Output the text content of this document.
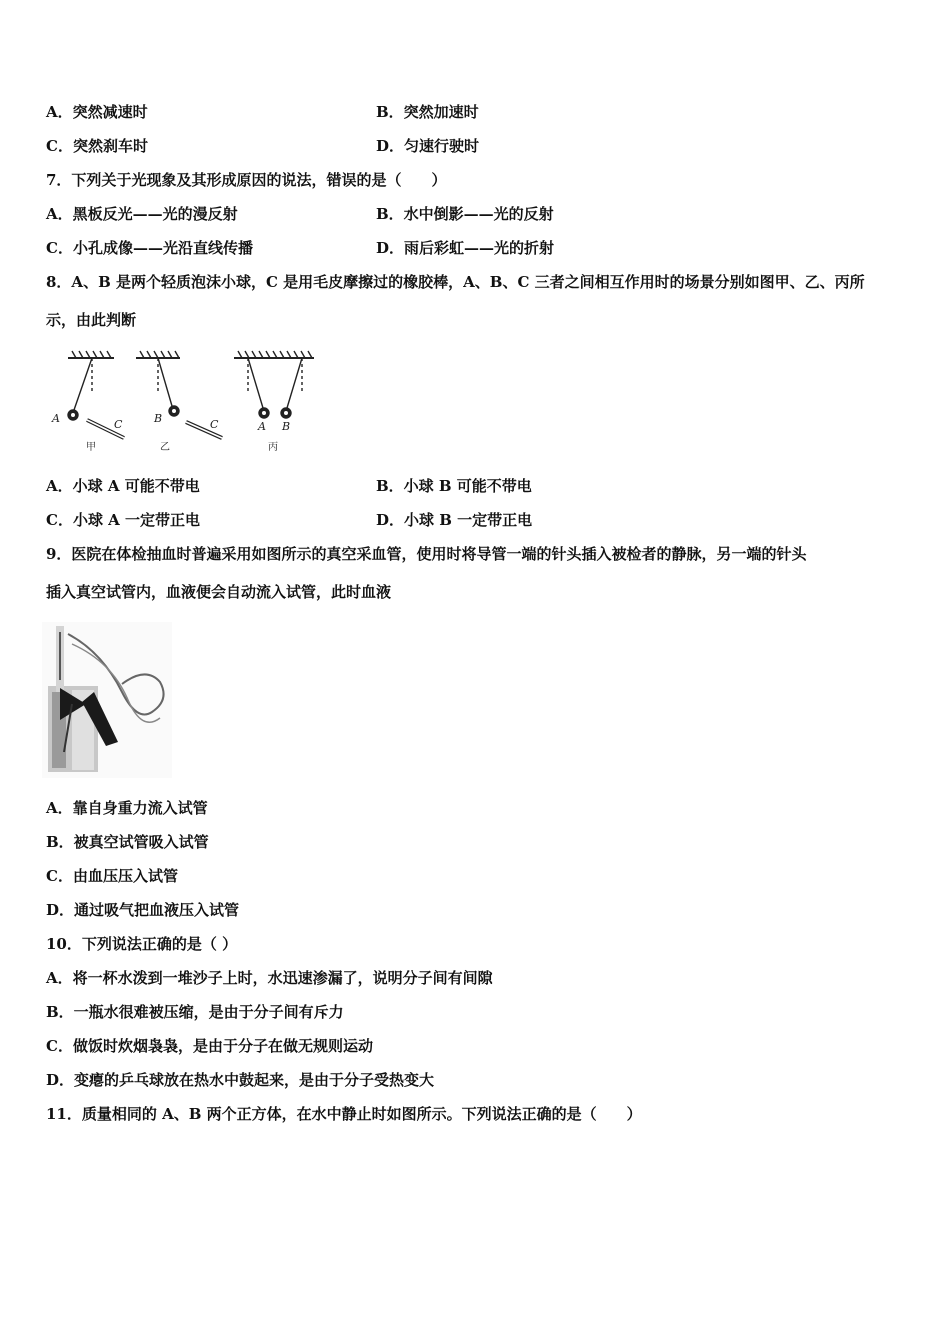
A．突然减速时	B．突然加速时
C．突然刹车时	D．匀速行驶时
7．下列关于光现象及其形成原因的说法，错误的是（　　）
A．黑板反光——光的漫反射	B．水中倒影——光的反射
C．小孔成像——光沿直线传播	D．雨后彩虹——光的折射
8．A、B 是两个轻质泡沫小球，C 是用毛皮摩擦过的橡胶棒，A、B、C 三者之间相互作用时的场景分别如图甲、乙、丙所
示，由此判断
A	C	B	C	A B
甲	乙	丙
A．小球 A 可能不带电	B．小球 B 可能不带电
C．小球 A 一定带正电	D．小球 B 一定带正电
9．医院在体检抽血时普遍采用如图所示的真空采血管，使用时将导管一端的针头插入被检者的静脉，另一端的针头
插入真空试管内，血液便会自动流入试管，此时血液
A．靠自身重力流入试管
B．被真空试管吸入试管
C．由血压压入试管
D．通过吸气把血液压入试管
10．下列说法正确的是（ ）
A．将一杯水泼到一堆沙子上时，水迅速渗漏了，说明分子间有间隙
B．一瓶水很难被压缩，是由于分子间有斥力
C．做饭时炊烟袅袅，是由于分子在做无规则运动
D．变瘪的乒乓球放在热水中鼓起来，是由于分子受热变大
11．质量相同的 A、B 两个正方体，在水中静止时如图所示。下列说法正确的是（　　）
